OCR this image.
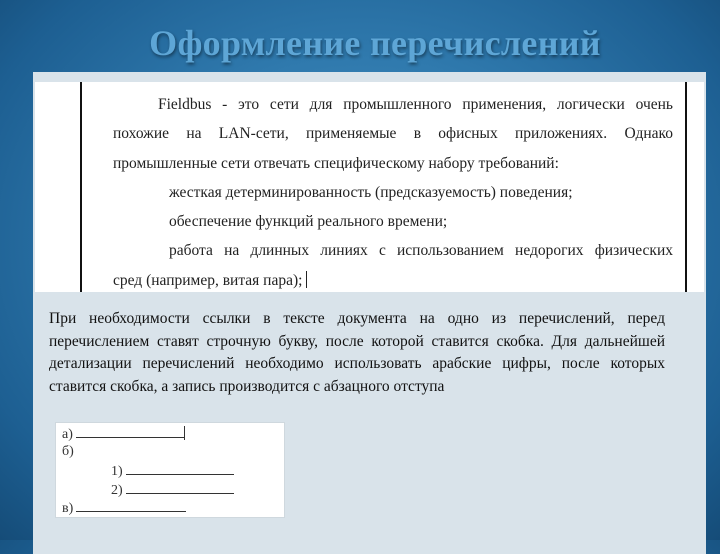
Оформление перечислений
Fieldbus - это сети для промышленного применения, логически очень
похожие на LAN-сети, применяемые в офисных приложениях. Однако
промышленные сети отвечать специфическому набору требований:
жесткая детерминированность (предсказуемость) поведения;
обеспечение функций реального времени;
работа на длинных линиях с использованием недорогих физических
сред (например, витая пара);
При необходимости ссылки в тексте документа на одно из перечислений, перед перечислением ставят строчную букву, после которой ставится скобка. Для дальнейшей детализации перечислений необходимо использовать арабские цифры, после которых ставится скобка, а запись производится с абзацного отступа
а)
б)
1)
2)
в)
